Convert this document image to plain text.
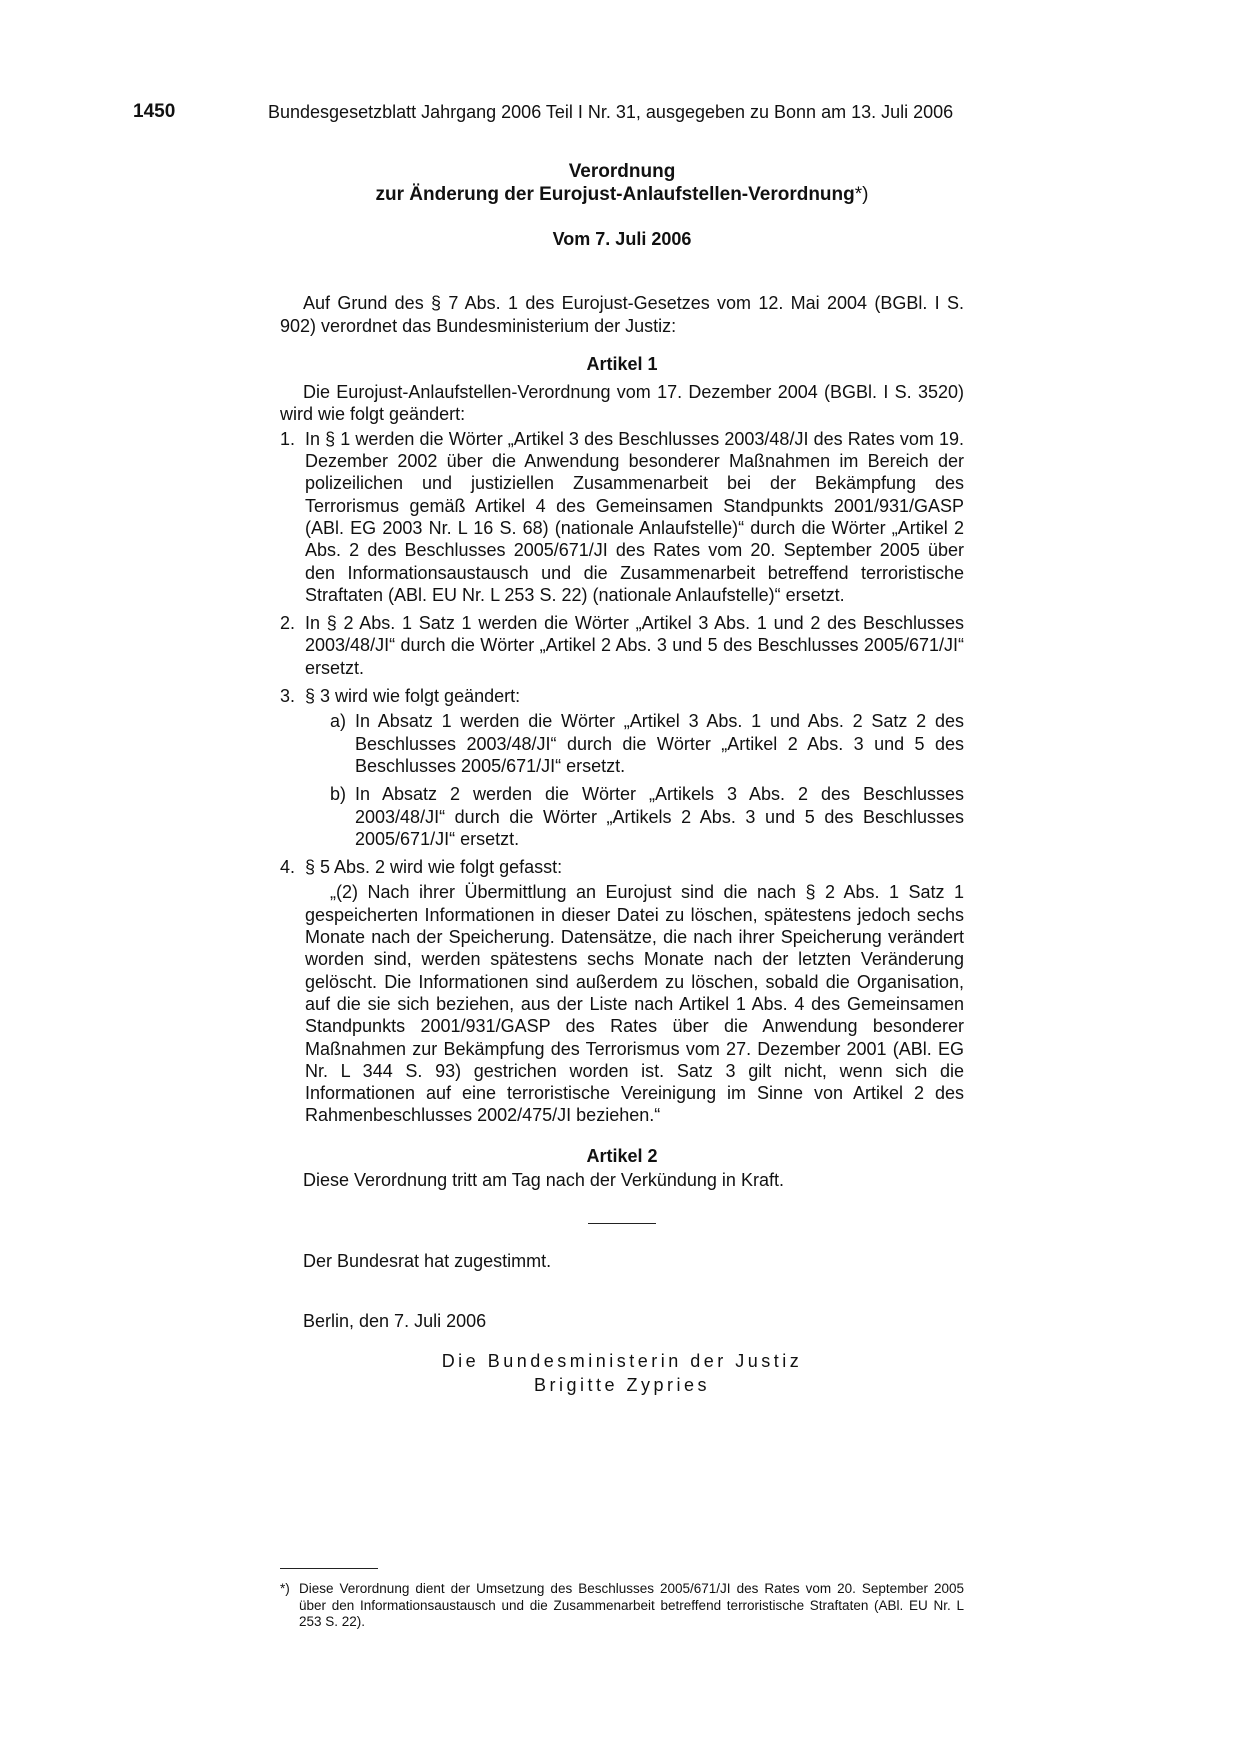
1450	Bundesgesetzblatt Jahrgang 2006 Teil I Nr. 31, ausgegeben zu Bonn am 13. Juli 2006
Verordnung
zur Änderung der Eurojust-Anlaufstellen-Verordnung*)
Vom 7. Juli 2006

Auf Grund des § 7 Abs. 1 des Eurojust-Gesetzes vom 12. Mai 2004 (BGBl. I S. 902) verordnet das Bundesministerium der Justiz:

Artikel 1

Die Eurojust-Anlaufstellen-Verordnung vom 17. Dezember 2004 (BGBl. I S. 3520) wird wie folgt geändert:

1. In § 1 werden die Wörter „Artikel 3 des Beschlusses 2003/48/JI des Rates vom 19. Dezember 2002 über die Anwendung besonderer Maßnahmen im Bereich der polizeilichen und justiziellen Zusammenarbeit bei der Bekämpfung des Terrorismus gemäß Artikel 4 des Gemeinsamen Standpunkts 2001/931/GASP (ABl. EG 2003 Nr. L 16 S. 68) (nationale Anlaufstelle)“ durch die Wörter „Artikel 2 Abs. 2 des Beschlusses 2005/671/JI des Rates vom 20. September 2005 über den Informationsaustausch und die Zusammenarbeit betreffend terroristische Straftaten (ABl. EU Nr. L 253 S. 22) (nationale Anlaufstelle)“ ersetzt.
2. In § 2 Abs. 1 Satz 1 werden die Wörter „Artikel 3 Abs. 1 und 2 des Beschlusses 2003/48/JI“ durch die Wörter „Artikel 2 Abs. 3 und 5 des Beschlusses 2005/671/JI“ ersetzt.
3. § 3 wird wie folgt geändert:
a) In Absatz 1 werden die Wörter „Artikel 3 Abs. 1 und Abs. 2 Satz 2 des Beschlusses 2003/48/JI“ durch die Wörter „Artikel 2 Abs. 3 und 5 des Beschlusses 2005/671/JI“ ersetzt.
b) In Absatz 2 werden die Wörter „Artikels 3 Abs. 2 des Beschlusses 2003/48/JI“ durch die Wörter „Artikels 2 Abs. 3 und 5 des Beschlusses 2005/671/JI“ ersetzt.
4. § 5 Abs. 2 wird wie folgt gefasst:

„(2) Nach ihrer Übermittlung an Eurojust sind die nach § 2 Abs. 1 Satz 1 gespeicherten Informationen in dieser Datei zu löschen, spätestens jedoch sechs Monate nach der Speicherung. Datensätze, die nach ihrer Speicherung verändert worden sind, werden spätestens sechs Monate nach der letzten Veränderung gelöscht. Die Informationen sind außerdem zu löschen, sobald die Organisation, auf die sie sich beziehen, aus der Liste nach Artikel 1 Abs. 4 des Gemeinsamen Standpunkts 2001/931/GASP des Rates über die Anwendung besonderer Maßnahmen zur Bekämpfung des Terrorismus vom 27. Dezember 2001 (ABl. EG Nr. L 344 S. 93) gestrichen worden ist. Satz 3 gilt nicht, wenn sich die Informationen auf eine terroristische Vereinigung im Sinne von Artikel 2 des Rahmenbeschlusses 2002/475/JI beziehen.“

Artikel 2

Diese Verordnung tritt am Tag nach der Verkündung in Kraft.

Der Bundesrat hat zugestimmt.

Berlin, den 7. Juli 2006

Die Bundesministerin der Justiz
Brigitte Zypries
*) Diese Verordnung dient der Umsetzung des Beschlusses 2005/671/JI des Rates vom 20. September 2005 über den Informationsaustausch und die Zusammenarbeit betreffend terroristische Straftaten (ABl. EU Nr. L 253 S. 22).
